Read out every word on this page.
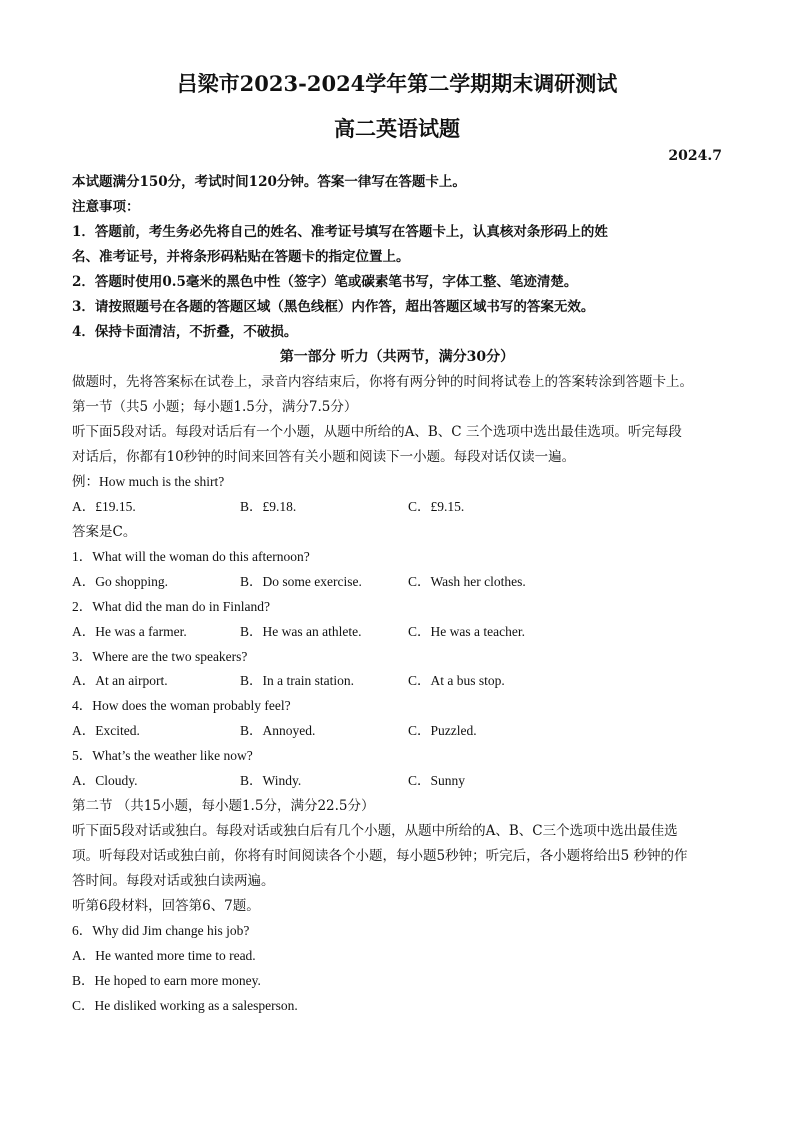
吕梁市2023-2024学年第二学期期末调研测试
高二英语试题
2024.7
本试题满分150分，考试时间120分钟。答案一律写在答题卡上。
注意事项：
1．答题前，考生务必先将自己的姓名、准考证号填写在答题卡上，认真核对条形码上的姓
名、准考证号，并将条形码粘贴在答题卡的指定位置上。
2．答题时使用0.5毫米的黑色中性（签字）笔或碳素笔书写，字体工整、笔迹清楚。
3．请按照题号在各题的答题区域（黑色线框）内作答，超出答题区域书写的答案无效。
4．保持卡面清洁，不折叠，不破损。
第一部分 听力（共两节，满分30分）
做题时，先将答案标在试卷上，录音内容结束后，你将有两分钟的时间将试卷上的答案转涂到答题卡上。
第一节（共5 小题；每小题1.5分，满分7.5分）
听下面5段对话。每段对话后有一个小题，从题中所给的A、B、C 三个选项中选出最佳选项。听完每段
对话后，你都有10秒钟的时间来回答有关小题和阅读下一小题。每段对话仅读一遍。
例：How much is the shirt?
A．£19.15.	B．£9.18.	C．£9.15.
答案是C。
1．What will the woman do this afternoon?
A．Go shopping.	B．Do some exercise.	C．Wash her clothes.
2．What did the man do in Finland?
A．He was a farmer.	B．He was an athlete.	C．He was a teacher.
3．Where are the two speakers?
A．At an airport.	B．In a train station.	C．At a bus stop.
4．How does the woman probably feel?
A．Excited.	B．Annoyed.	C．Puzzled.
5．What’s the weather like now?
A．Cloudy.	B．Windy.	C．Sunny
第二节 （共15小题，每小题1.5分，满分22.5分）
听下面5段对话或独白。每段对话或独白后有几个小题，从题中所给的A、B、C三个选项中选出最佳选
项。听每段对话或独白前，你将有时间阅读各个小题，每小题5秒钟；听完后，各小题将给出5 秒钟的作
答时间。每段对话或独白读两遍。
听第6段材料，回答第6、7题。
6．Why did Jim change his job?
A．He wanted more time to read.
B．He hoped to earn more money.
C．He disliked working as a salesperson.
